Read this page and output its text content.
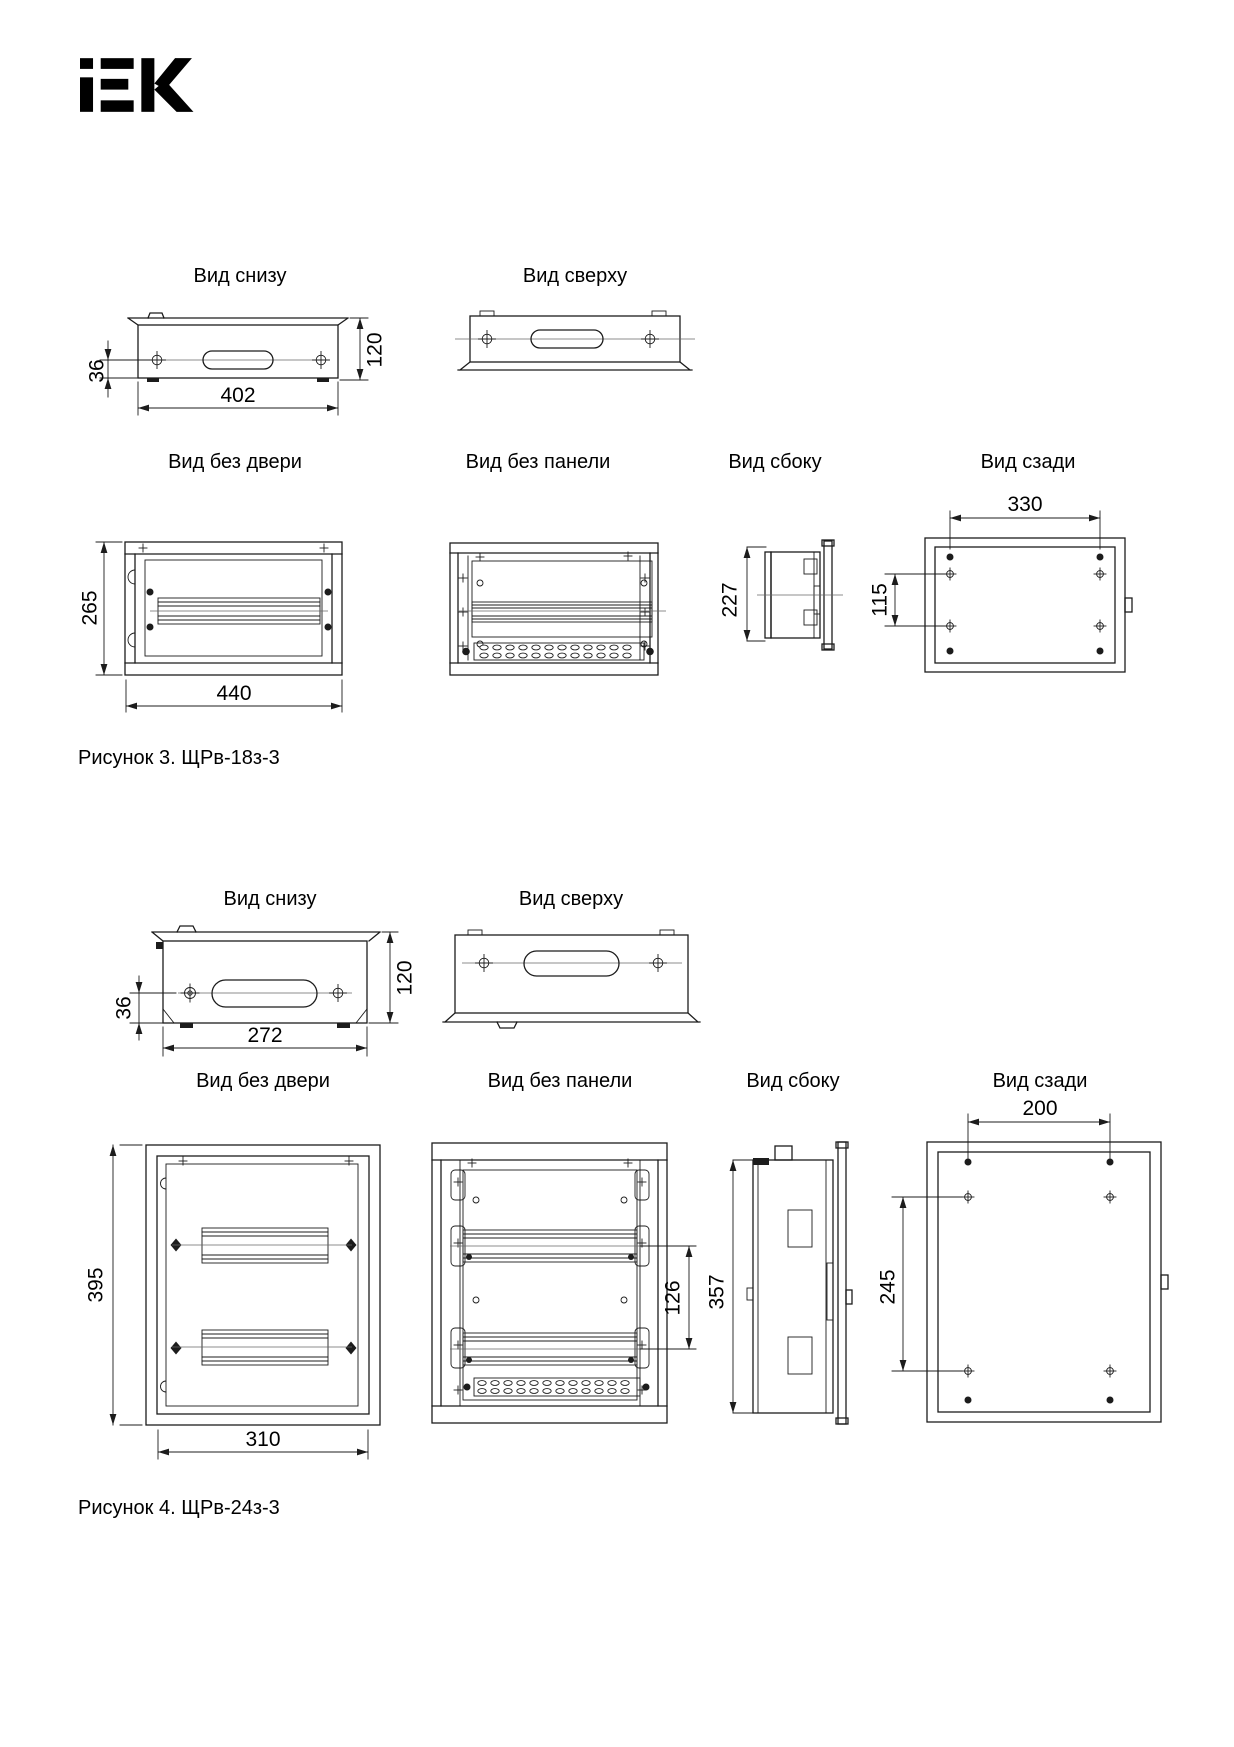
Вид снизу	Вид сверху
Вид без двери	Вид без панели	Вид сбоку	Вид сзади
Рисунок 3. ЩРв-18з-3
Вид снизу	Вид сверху
Вид без двери	Вид без панели	Вид сбоку	Вид сзади
Рисунок 4. ЩРв-24з-3
36
402
120
265
440
227
330
115
36
272
120
395
310
126 357
200
245
